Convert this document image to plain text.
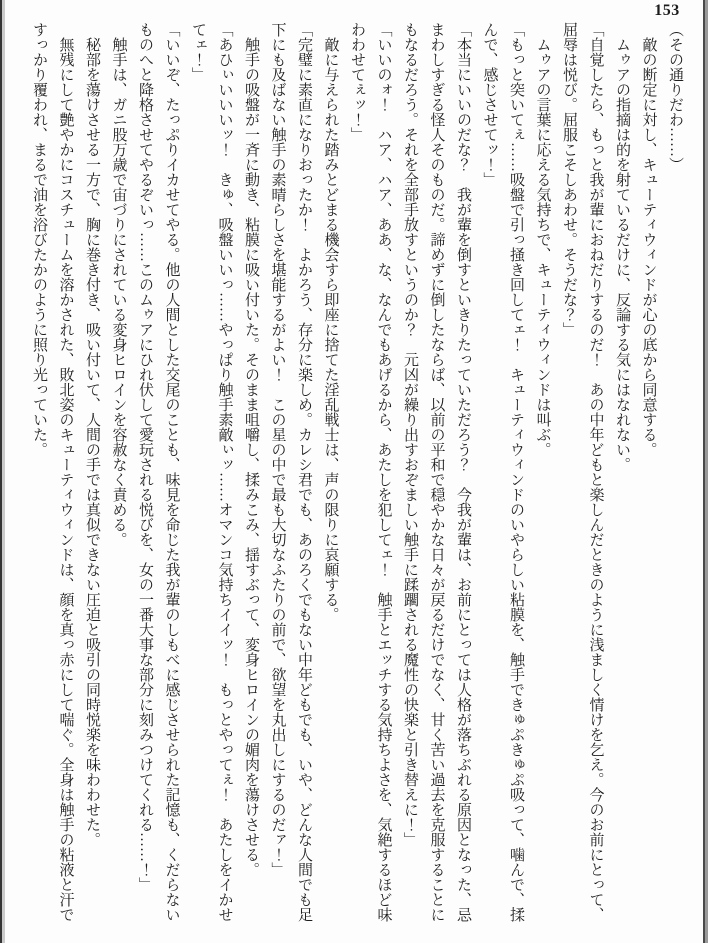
153

（その通りだわ……）

敵の断定に対し、キューティウィンドが心の底から同意する。

ムゥアの指摘は的を射ているだけに、反論する気にはなれない。

「自覚したら、もっと我が輩におねだりするのだ！　あの中年どもと楽しんだときのように浅ましく情けを乞え。今のお前にとって、屈辱は悦び。屈服こそしあわせ。そうだな？」

ムゥアの言葉に応える気持ちで、キューティウィンドは叫ぶ。

「もっと突いてぇ……吸盤で引っ掻き回してェ！　キューティウィンドのいやらしい粘膜を、触手できゅぷきゅぷ吸って、噛んで、揉んで、感じさせてッ！」

「本当にいいのだな？　我が輩を倒すといきりたっていただろう？　今我が輩は、お前にとっては人格が落ちぶれる原因となった、忌まわしすぎる怪人そのものだ。諦めずに倒したならば、以前の平和で穏やかな日々が戻るだけでなく、甘く苦い過去を克服することにもなるだろう。それを全部手放すというのか？　元凶が繰り出すおぞましい触手に蹂躙される魔性の快楽と引き替えに！」

「いいのォ！　ハア、ハア、ああ、な、なんでもあげるから、あたしを犯してェ！　触手とエッチする気持ちよさを、気絶するほど味わわせてぇッ！」

敵に与えられた踏みとどまる機会すら即座に捨てた淫乱戦士は、声の限りに哀願する。

「完璧に素直になりおったか！　よかろう、存分に楽しめ。カレシ君でも、あのろくでもない中年どもでも、いや、どんな人間でも足下にも及ばない触手の素晴らしさを堪能するがよい！　この星の中で最も大切なふたりの前で、欲望を丸出しにするのだァ！」

触手の吸盤が一斉に動き、粘膜に吸い付いた。そのまま咀嚼し、揉みこみ、揺すぶって、変身ヒロインの媚肉を蕩けさせる。

「あひぃいいいッ！　きゅ、吸盤いいっ……やっぱり触手素敵ぃッ……オマンコ気持ちイイッ！　もっとやってぇ！　あたしをイかせてェ！」

「いいぞ、たっぷりイカせてやる。他の人間とした交尾のことも、味見を命じた我が輩のしもべに感じさせられた記憶も、くだらないものへと降格させてやるぞいっ……このムゥアにひれ伏して愛玩される悦びを、女の一番大事な部分に刻みつけてくれる……！」

触手は、ガニ股万歳で宙づりにされている変身ヒロインを容赦なく責める。

秘部を蕩けさせる一方で、胸に巻き付き、吸い付いて、人間の手では真似できない圧迫と吸引の同時悦楽を味わわせた。

無残にして艶やかにコスチュームを溶かされた、敗北姿のキューティウィンドは、顔を真っ赤にして喘ぐ。全身は触手の粘液と汗ですっかり覆われ、まるで油を浴びたかのように照り光っていた。
